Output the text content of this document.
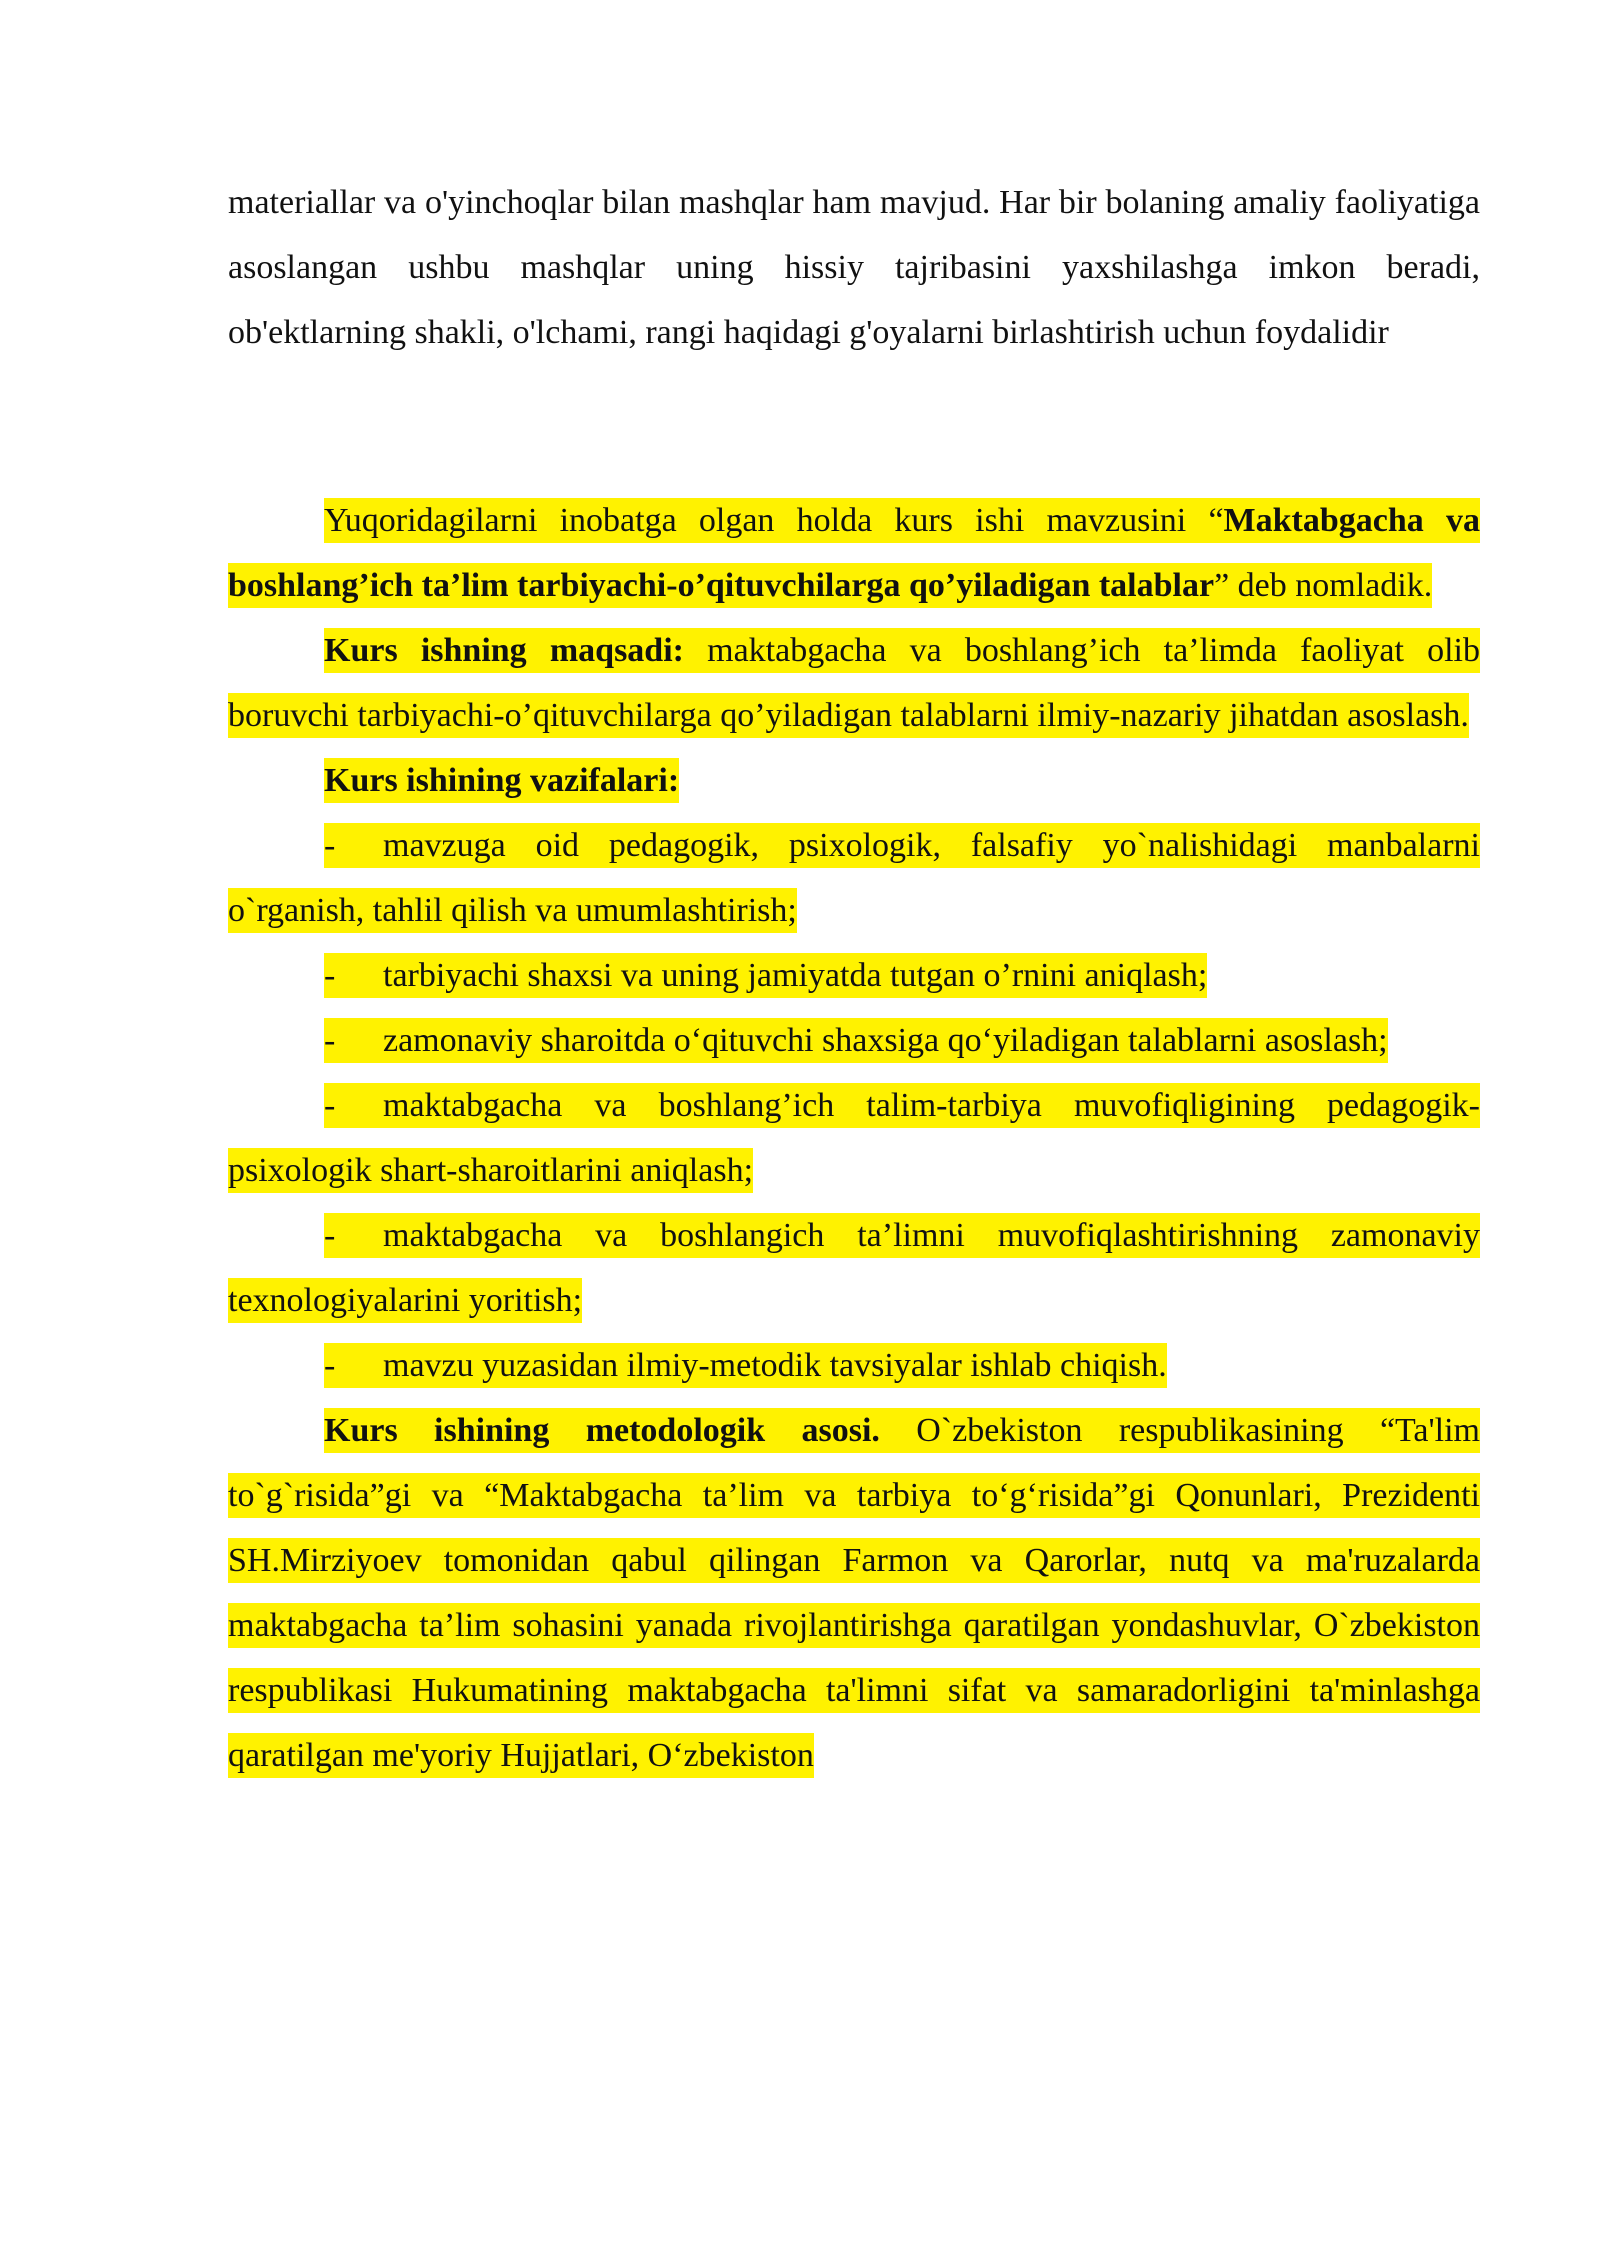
materiallar va o'yinchoqlar bilan mashqlar ham mavjud. Har bir bolaning amaliy faoliyatiga asoslangan ushbu mashqlar uning hissiy tajribasini yaxshilashga imkon beradi, ob'ektlarning shakli, o'lchami, rangi haqidagi g'oyalarni birlashtirish uchun foydalidir

Yuqoridagilarni inobatga olgan holda kurs ishi mavzusini “Maktabgacha va boshlang’ich ta’lim tarbiyachi-o’qituvchilarga qo’yiladigan talablar” deb nomladik.

Kurs ishning maqsadi: maktabgacha va boshlang’ich ta’limda faoliyat olib boruvchi tarbiyachi-o’qituvchilarga qo’yiladigan talablarni ilmiy-nazariy jihatdan asoslash.

Kurs ishining vazifalari:

- mavzuga oid pedagogik, psixologik, falsafiy yo`nalishidagi manbalarni o`rganish, tahlil qilish va umumlashtirish;

- tarbiyachi shaxsi va uning jamiyatda tutgan o’rnini aniqlash;

- zamonaviy sharoitda o‘qituvchi shaxsiga qo‘yiladigan talablarni asoslash;

- maktabgacha va boshlang’ich talim-tarbiya muvofiqligining pedagogik-psixologik shart-sharoitlarini aniqlash;

- maktabgacha va boshlangich ta’limni muvofiqlashtirishning zamonaviy texnologiyalarini yoritish;

- mavzu yuzasidan ilmiy-metodik tavsiyalar ishlab chiqish.

Kurs ishining metodologik asosi. O`zbekiston respublikasining “Ta'lim to`g`risida”gi va “Maktabgacha ta’lim va tarbiya to‘g‘risida”gi Qonunlari, Prezidenti SH.Mirziyoev tomonidan qabul qilingan Farmon va Qarorlar, nutq va ma'ruzalarda maktabgacha ta’lim sohasini yanada rivojlantirishga qaratilgan yondashuvlar, O`zbekiston respublikasi Hukumatining maktabgacha ta'limni sifat va samaradorligini ta'minlashga qaratilgan me'yoriy Hujjatlari, O‘zbekiston
